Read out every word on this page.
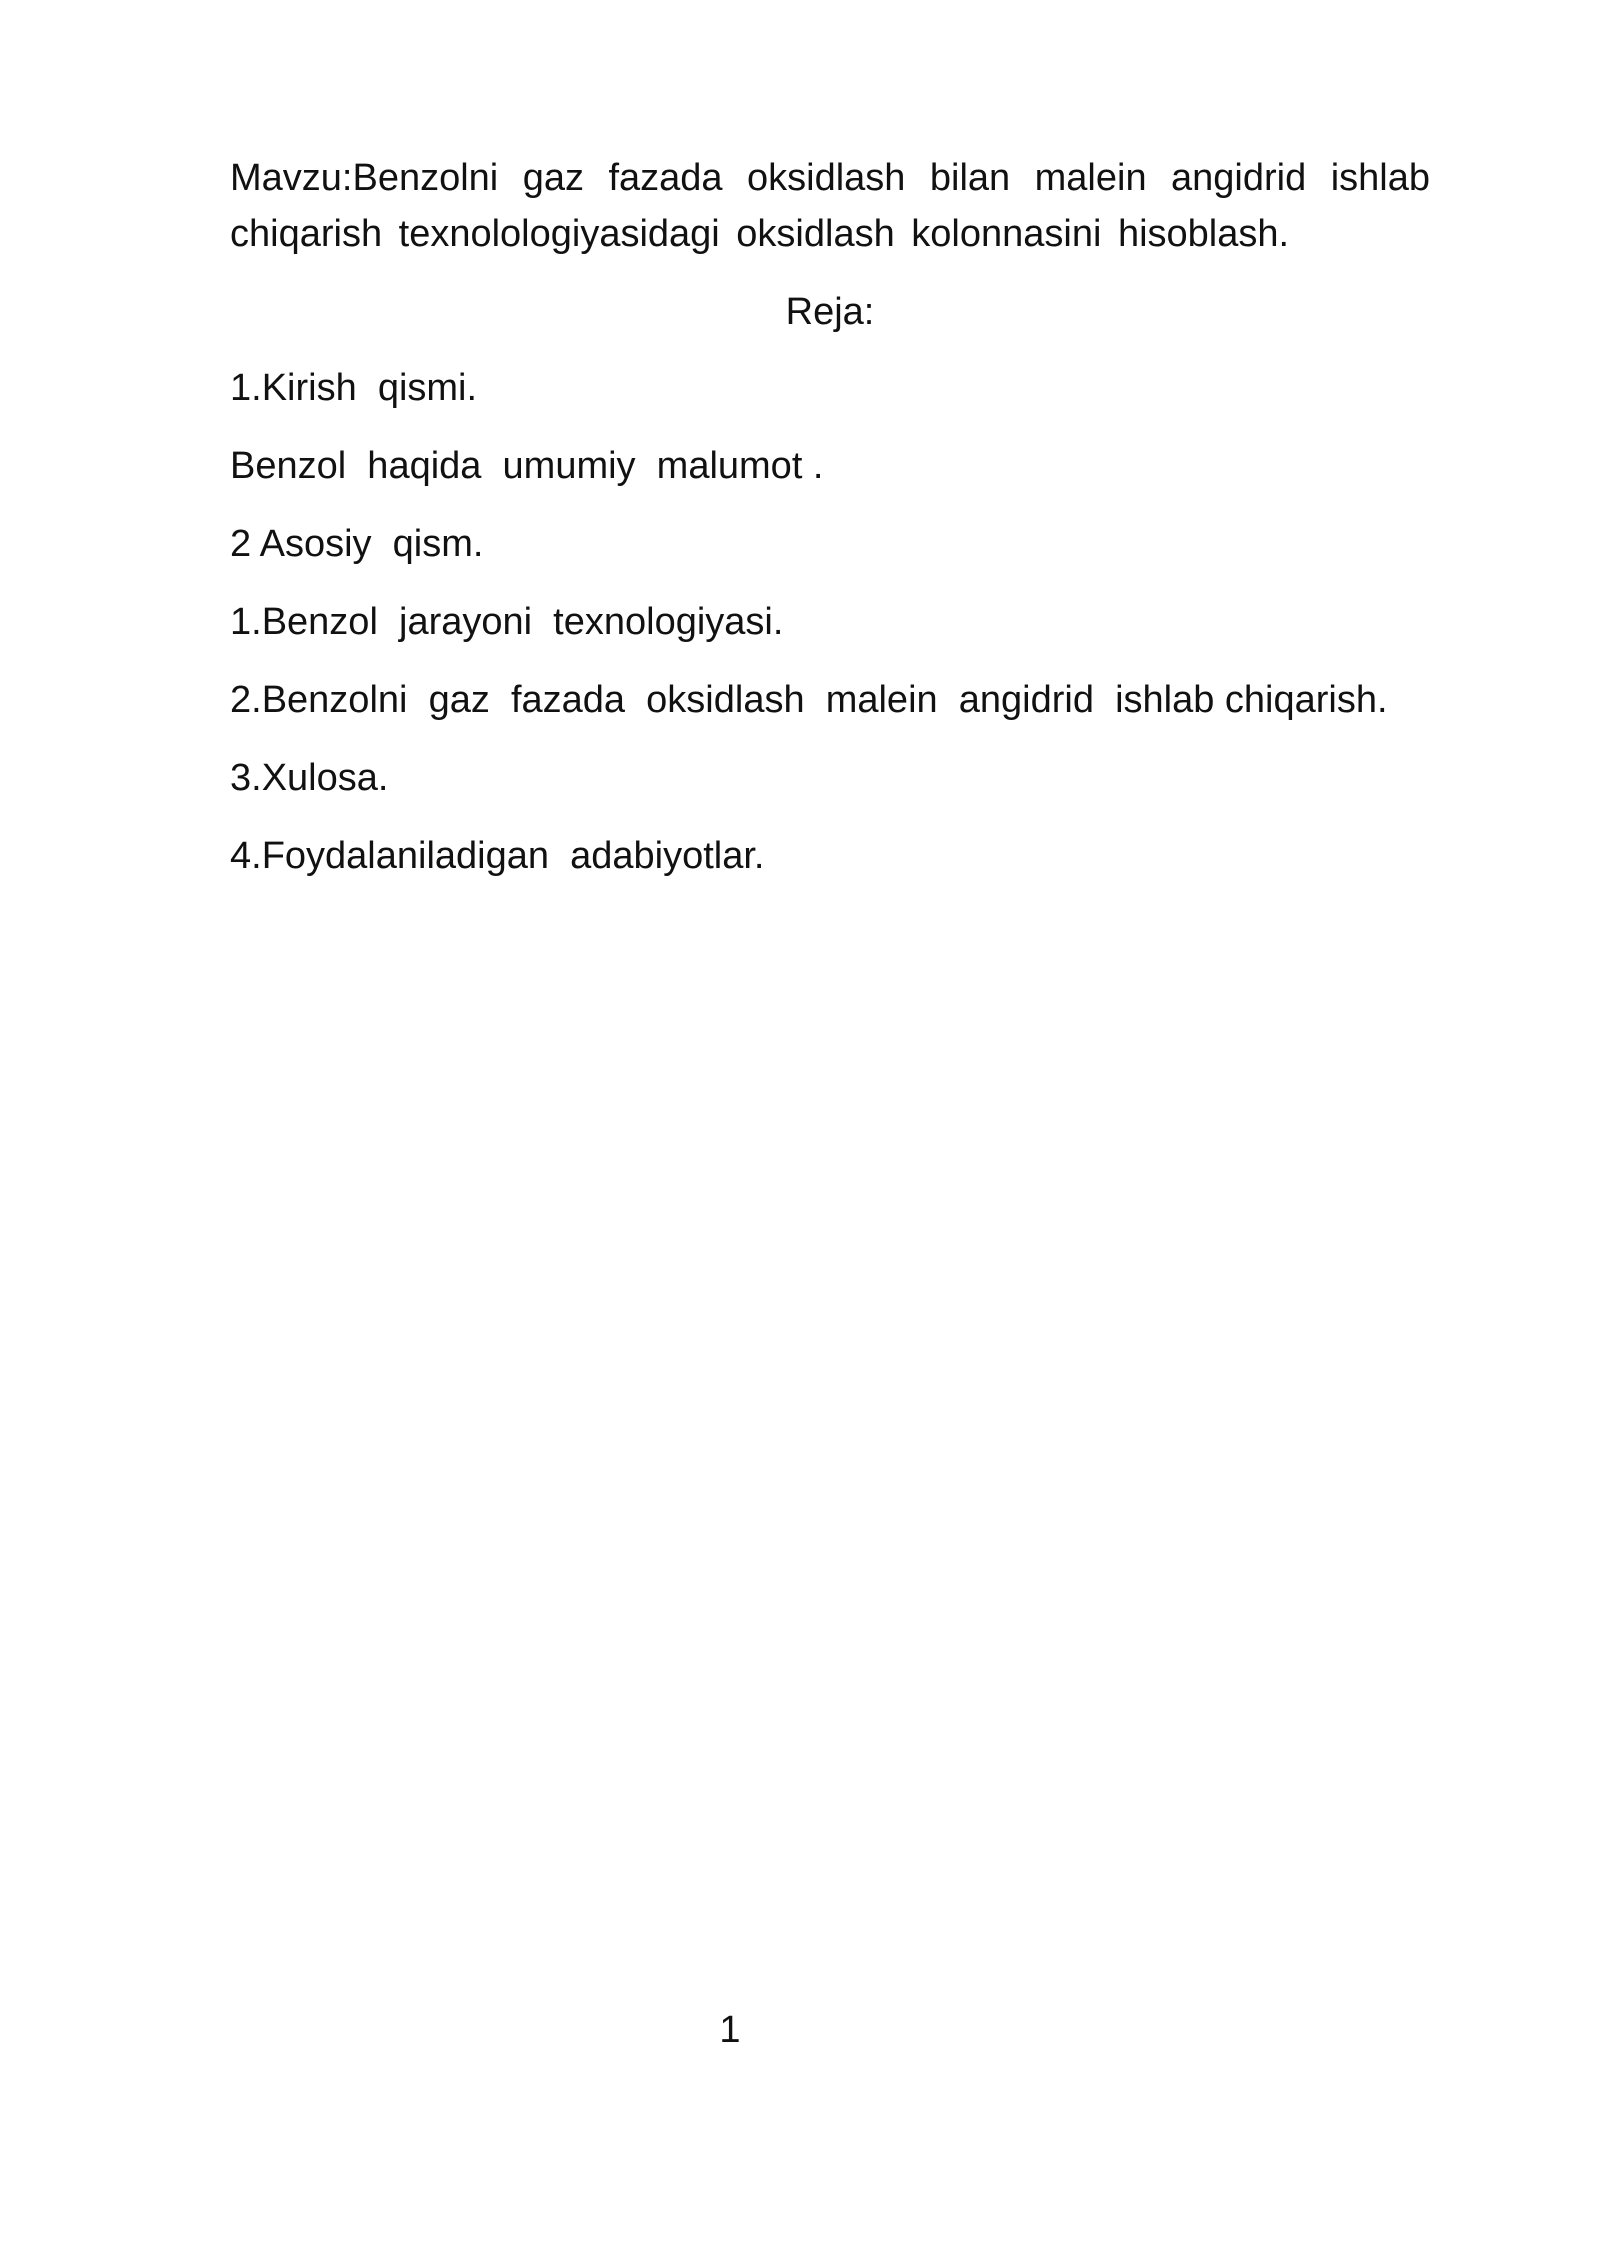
Mavzu:Benzolni gaz fazada oksidlash bilan malein angidrid ishlab chiqarish texnolologiyasidagi oksidlash kolonnasini hisoblash.

Reja:

1.Kirish  qismi.

Benzol  haqida  umumiy  malumot .

2 Asosiy  qism.

1.Benzol  jarayoni  texnologiyasi.

2.Benzolni  gaz  fazada  oksidlash  malein  angidrid  ishlab chiqarish.

3.Xulosa.

4.Foydalaniladigan  adabiyotlar.

1
